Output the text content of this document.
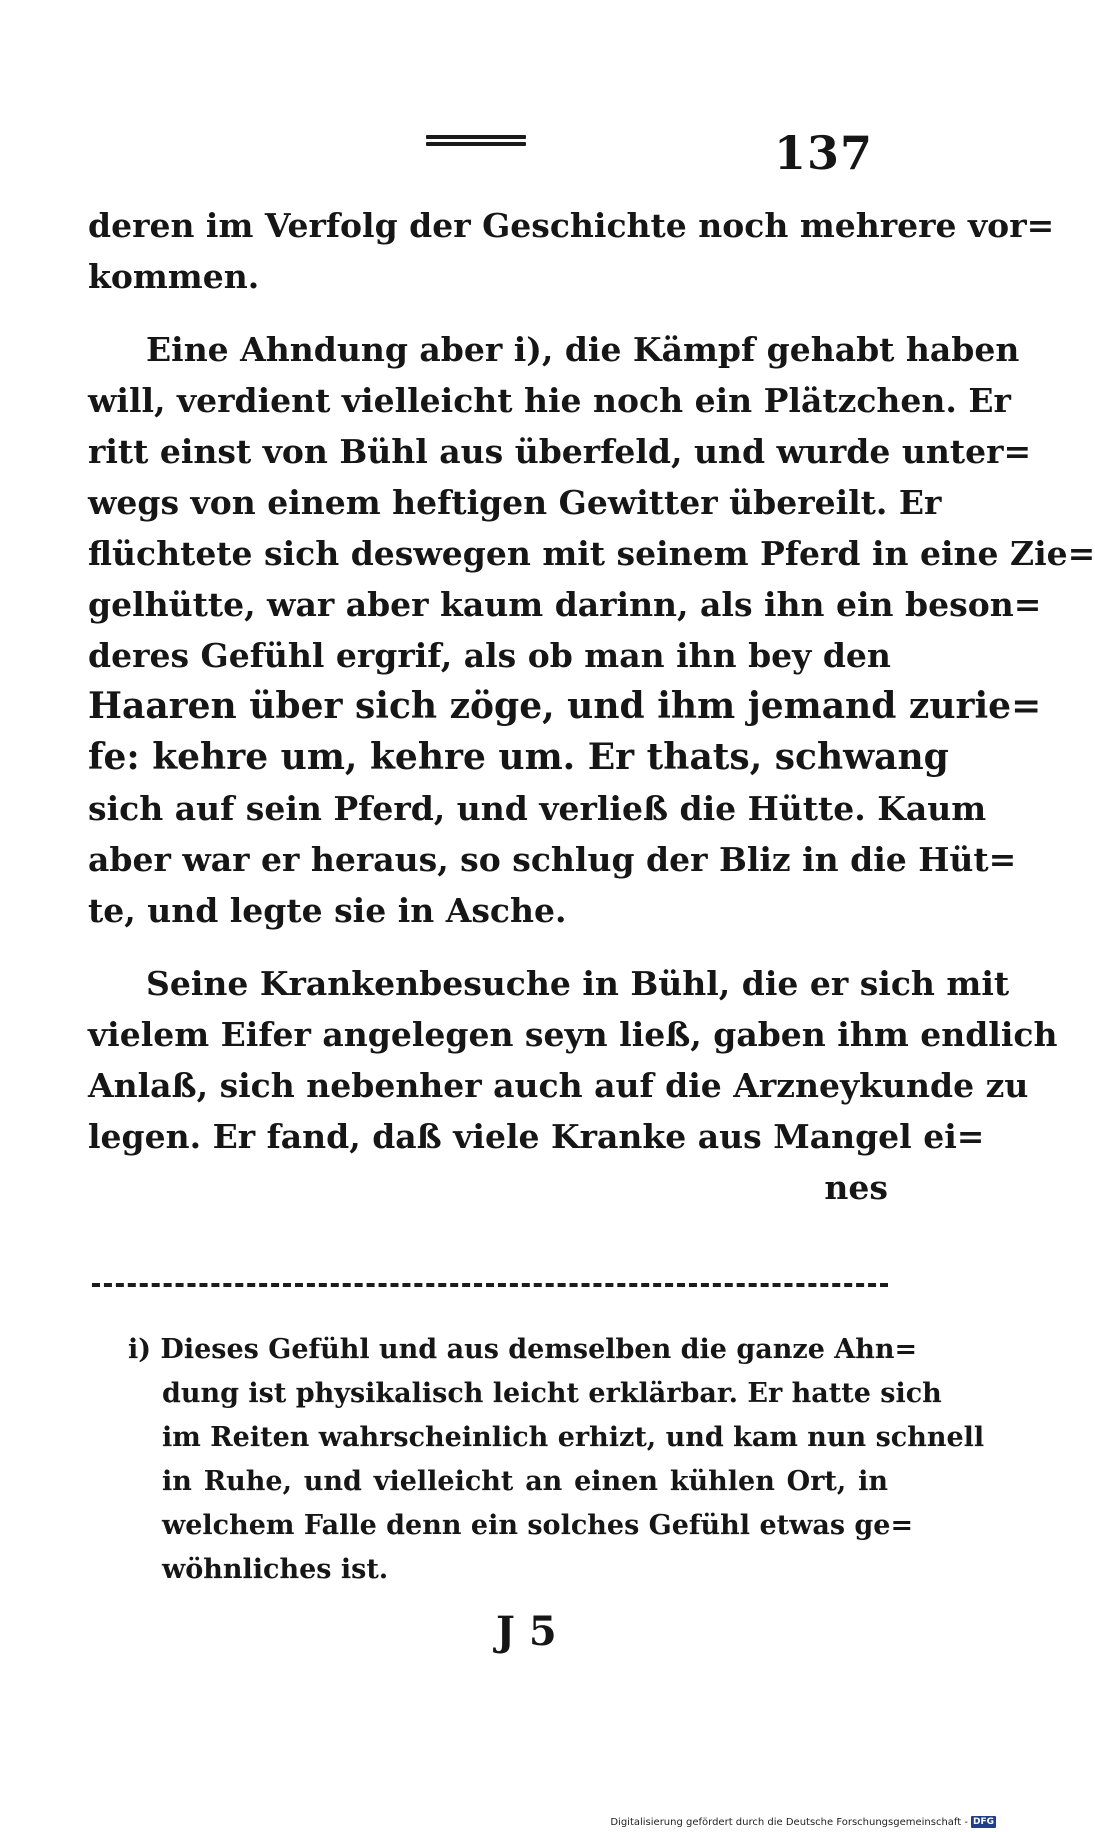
137
deren im Verfolg der Geschichte noch mehrere vor=
kommen.
Eine Ahndung aber i), die Kämpf gehabt haben
will, verdient vielleicht hie noch ein Plätzchen. Er
ritt einst von Bühl aus überfeld, und wurde unter=
wegs von einem heftigen Gewitter übereilt. Er
flüchtete sich deswegen mit seinem Pferd in eine Zie=
gelhütte, war aber kaum darinn, als ihn ein beson=
deres Gefühl ergrif, als ob man ihn bey den
Haaren über sich zöge, und ihm jemand zurie=
fe: kehre um, kehre um. Er thats, schwang
sich auf sein Pferd, und verließ die Hütte. Kaum
aber war er heraus, so schlug der Bliz in die Hüt=
te, und legte sie in Asche.
Seine Krankenbesuche in Bühl, die er sich mit
vielem Eifer angelegen seyn ließ, gaben ihm endlich
Anlaß, sich nebenher auch auf die Arzneykunde zu
legen. Er fand, daß viele Kranke aus Mangel ei=
nes
i) Dieses Gefühl und aus demselben die ganze Ahn=
dung ist physikalisch leicht erklärbar. Er hatte sich
im Reiten wahrscheinlich erhizt, und kam nun schnell
in Ruhe, und vielleicht an einen kühlen Ort, in
welchem Falle denn ein solches Gefühl etwas ge=
wöhnliches ist.
J 5
Digitalisierung gefördert durch die Deutsche Forschungsgemeinschaft - DFG
